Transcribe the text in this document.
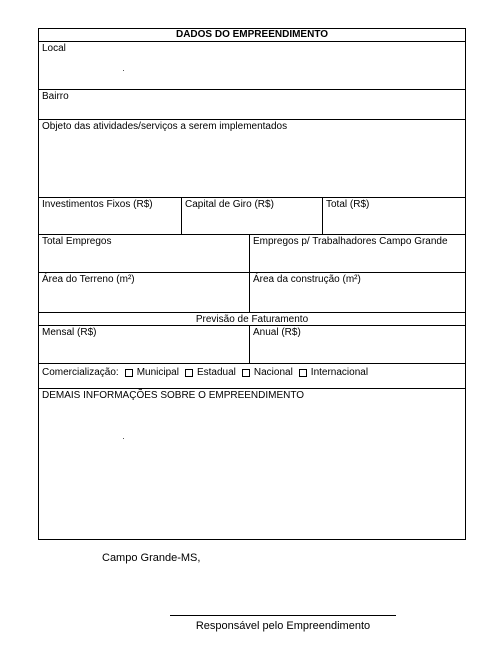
DADOS DO EMPREENDIMENTO
Local
Bairro
Objeto das atividades/serviços a serem implementados
Investimentos Fixos (R$)	Capital de Giro (R$)	Total (R$)
Total Empregos	Empregos p/ Trabalhadores Campo Grande
Área do Terreno (m²)	Área da construção (m²)
Previsão de Faturamento
Mensal (R$)	Anual (R$)
Comercialização: Municipal Estadual Nacional Internacional
DEMAIS INFORMAÇÕES SOBRE O EMPREENDIMENTO
Campo Grande-MS,
Responsável pelo Empreendimento
